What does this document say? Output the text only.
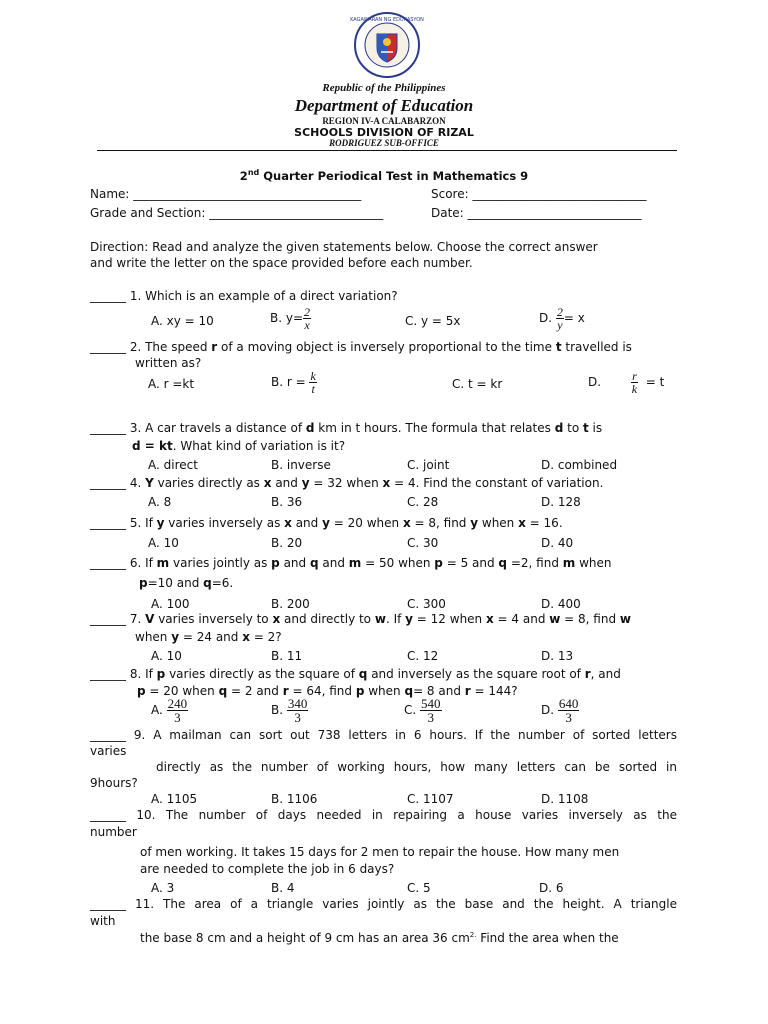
KAGAWARAN NG EDUKASYON
Republic of the Philippines
Department of Education
REGION IV-A CALABARZON
SCHOOLS DIVISION OF RIZAL
RODRIGUEZ SUB-OFFICE
2nd Quarter Periodical Test in Mathematics 9
Name: ______________________________________	Score: _____________________________
Grade and Section: _____________________________	Date: _____________________________
Direction: Read and analyze the given statements below. Choose the correct answer
and write the letter on the space provided before each number.
______ 1. Which is an example of a direct variation?
A. xy = 10	B. $y= \frac{2}{x}$	C. y = 5x	D. $\frac{2}{y} = x$
______ 2. The speed r of a moving object is inversely proportional to the time t travelled is
written as?
A. r =kt	B. $r = \frac{k}{t}$	C. t = kr	D.	$\frac{r}{k} = t$
______ 3. A car travels a distance of d km in t hours. The formula that relates d to t is
d = kt. What kind of variation is it?
A. direct	B. inverse	C. joint	D. combined
______ 4. Y varies directly as x and y = 32 when x = 4. Find the constant of variation.
A. 8	B. 36	C. 28	D. 128
______ 5. If y varies inversely as x and y = 20 when x = 8, find y when x = 16.
A. 10	B. 20	C. 30	D. 40
______ 6. If m varies jointly as p and q and m = 50 when p = 5 and q =2, find m when
p=10 and q=6.
A. 100	B. 200	C. 300	D. 400
______ 7. V varies inversely to x and directly to w. If y = 12 when x = 4 and w = 8, find w
when y = 24 and x = 2?
A. 10	B. 11	C. 12	D. 13
______ 8. If p varies directly as the square of q and inversely as the square root of r, and
p = 20 when q = 2 and r = 64, find p when q= 8 and r = 144?
A. $\frac{240}{3}$	B. $\frac{340}{3}$	C. $\frac{540}{3}$	D. $\frac{640}{3}$
______ 9. A mailman can sort out 738 letters in 6 hours. If the number of sorted letters
varies
directly as the number of working hours, how many letters can be sorted in
9hours?
A. 1105	B. 1106	C. 1107	D. 1108
______ 10. The number of days needed in repairing a house varies inversely as the
number
of men working. It takes 15 days for 2 men to repair the house. How many men
are needed to complete the job in 6 days?
A. 3	B. 4	C. 5	D. 6
______ 11. The area of a triangle varies jointly as the base and the height. A triangle
with
the base 8 cm and a height of 9 cm has an area 36 $cm^{2.}$ Find the area when the
